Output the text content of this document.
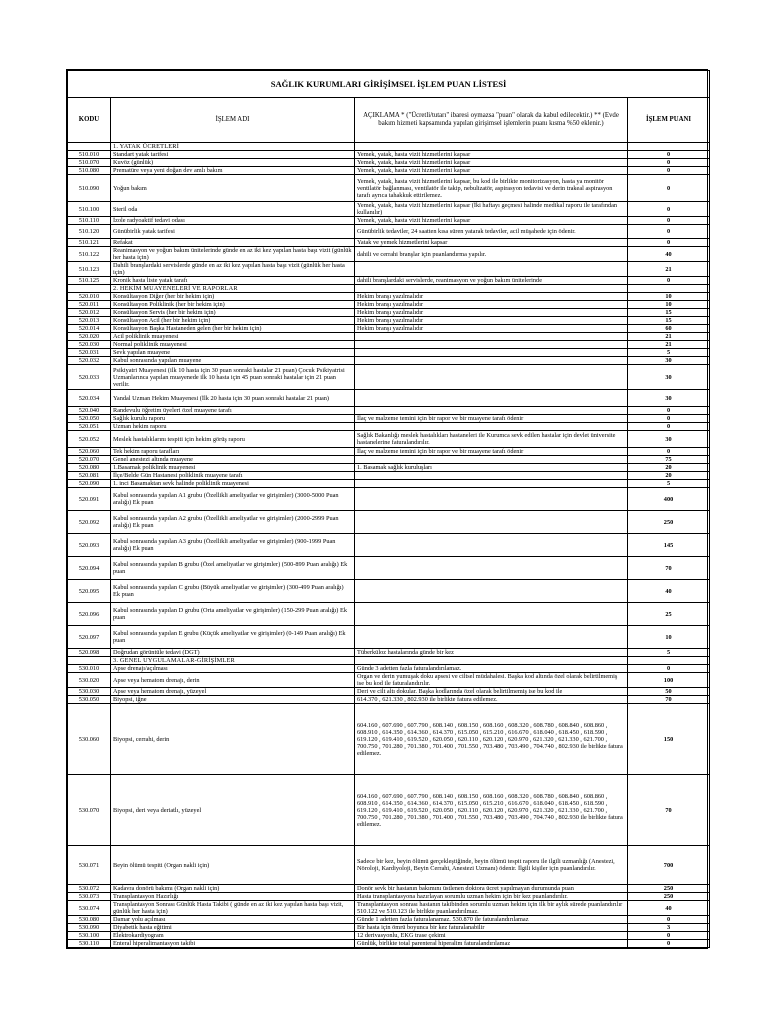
SAĞLIK KURUMLARI GİRİŞİMSEL İŞLEM PUAN LİSTESİ			
KODU	İŞLEM ADI	AÇIKLAMA * ("Ücretli/tutarı" ibaresi oymazsa "puan" olarak da kabul edilecektir.) ** (Evde bakım hizmeti kapsamında yapılan girişimsel işlemlerin puanı kısma %50 eklenir.)	İŞLEM PUANI
	1. YATAK ÜCRETLERİ		
510.010	Standart yatak tarifesi	Yemek, yatak, hasta vizit hizmetlerini kapsar	0
510.070	Kuvöz (günlük)	Yemek, yatak, hasta vizit hizmetlerini kapsar	0
510.080	Prematüre veya yeni doğan dev amlı bakım	Yemek, yatak, hasta vizit hizmetlerini kapsar	0
510.090	Yoğun bakım	Yemek, yatak, hasta vizit hizmetlerini kapsar, bu kod ile birlikte monitorizasyon, hasta ya monitör ventilatör bağlanması, ventilatör ile takip, nebulizatör, aspirasyon tedavisi ve derin trakeal aspirasyon tarafı ayrıca tahakkuk ettirilemez.	0
510.100	Steril oda	Yemek, yatak, hasta vizit hizmetlerini kapsar (İki haftayı geçmesi halinde medikal raporu ile tarafından kullanılır)	0
510.110	İzole radyoaktif tedavi odası	Yemek, yatak, hasta vizit hizmetlerini kapsar	0
510.120	Günübirlik yatak tarifesi	Günübirlik tedaviler, 24 saatten kısa süren yatarak tedaviler, acil müşahede için ödenir.	0
510.121	Refakat	Yatak ve yemek hizmetlerini kapsar	0
510.122	Reanimasyon ve yoğun bakım ünitelerinde günde en az iki kez yapılan hasta başı vizit (günlük her hasta için)	dahili ve cerrahi branşlar için puanlandırma yapılır.	40
510.123	Dahili branşlardaki servislerde günde en az iki kez yapılan hasta başı vizit (günlük her hasta için)		21
510.125	Kronik hasta liste yatak tarafı	dahili branşlardaki servislerde, reanimasyon ve yoğun bakım ünitelerinde	0
	2. HEKİM MUAYENELERİ VE RAPORLAR		
520.010	Konsültasyon Diğer (her bir hekim için)	Hekim branşı yazılmalıdır	10
520.011	Konsültasyon Poliklinik (her bir hekim için)	Hekim branşı yazılmalıdır	10
520.012	Konsültasyon Servis (her bir hekim için)	Hekim branşı yazılmalıdır	15
520.013	Konsültasyon Acil (her bir hekim için)	Hekim branşı yazılmalıdır	15
520.014	Konsültasyon Başka Hastaneden gelen (her bir hekim için)	Hekim branşı yazılmalıdır	60
520.020	Acil poliklinik muayenesi		21
520.030	Normal poliklinik muayenesi		21
520.031	Sevk yapılan muayene		5
520.032	Kabul sonrasında yapılan muayene		30
520.033	Psikiyatri Muayenesi (ilk 10 hasta için 30 puan sonraki hastalar 21 puan) Çocuk Psikiyatrisi Uzmanlarınca yapılan muayenede ilk 10 hasta için 45 puan sonraki hastalar için 21 puan verilir.		30
520.034	Yandal Uzman Hekim Muayenesi (İlk 20 hasta için 30 puan sonraki hastalar 21 puan)		30
520.040	Randevulu öğretim üyeleri özel muayene tarafı		0
520.050	Sağlık kurulu raporu	İlaç ve malzeme temini için bir rapor ve bir muayene tarafı ödenir	0
520.051	Uzman hekim raporu		0
520.052	Meslek hastalıklarını tespiti için hekim görüş raporu	Sağlık Bakanlığı meslek hastalıkları hastaneleri ile Kurumca sevk edilen hastalar için devlet üniversite hastanelerine faturalandırılır.	30
520.060	Tek hekim raporu tarafları	İlaç ve malzeme temini için bir rapor ve bir muayene tarafı ödenir	0
520.070	Genel anestezi altında muayene		75
520.080	1.Basamak poliklinik muayenesi	1. Basamak sağlık kuruluşları	20
520.081	İlçe/Belde Gün Hastanesi poliklinik muayene tarafı		20
520.090	1. inci Basamaktan sevk halinde poliklinik muayenesi		5
520.091	Kabul sonrasında yapılan A1 grubu (Özellikli ameliyatlar ve girişimler) (3000-5000 Puan aralığı) Ek puan		400
520.092	Kabul sonrasında yapılan A2 grubu (Özellikli ameliyatlar ve girişimler) (2000-2999 Puan aralığı) Ek puan		250
520.093	Kabul sonrasında yapılan A3 grubu (Özellikli ameliyatlar ve girişimler) (900-1999 Puan aralığı) Ek puan		145
520.094	Kabul sonrasında yapılan B grubu (Özel ameliyatlar ve girişimler) (500-899 Puan aralığı) Ek puan		70
520.095	Kabul sonrasında yapılan C grubu (Büyük ameliyatlar ve girişimler) (300-499 Puan aralığı) Ek puan		40
520.096	Kabul sonrasında yapılan D grubu (Orta ameliyatlar ve girişimler) (150-299 Puan aralığı) Ek puan		25
520.097	Kabul sonrasında yapılan E grubu (Küçük ameliyatlar ve girişimler) (0-149 Puan aralığı) Ek puan		10
520.098	Doğrudan görüntüle tedavi (DGT)	Tüberküloz hastalarında günde bir kez	5
	3. GENEL UYGULAMALAR-GİRİŞİMLER		
530.010	Apse drenajı/açılması	Günde 3 adetten fazla faturalandırılamaz.	0
530.020	Apse veya hematom drenajı, derin	Organ ve derin yumuşak doku apsesi ve ciltsel müdahalesi. Başka kod altında özel olarak belirtilmemiş ise bu kod ile faturalandırılır.	100
530.030	Apse veya hematom drenajı, yüzeyel	Deri ve cilt altı dokular. Başka kodlarında özel olarak belirtilmemiş ise bu kod ile	50
530.050	Biyopsi, iğne	614.370 , 621.330 , 802.930 ile birlikte fatura edilemez.	70
530.060	Biyopsi, cerrahi, derin	604.160 , 607.690 , 607.790 , 608.140 , 608.150 , 608.160 , 608.320 , 608.780 , 608.840 , 608.860 , 608.910 , 614.350 , 614.360 , 614.370 , 615.050 , 615.210 , 616.670 , 618.040 , 618.450 , 618.590 , 619.120 , 619.410 , 619.520 , 620.050 , 620.110 , 620.120 , 620.970 , 621.320 , 621.330 , 621.700 , 700.750 , 701.280 , 701.380 , 701.400 , 701.550 , 703.480 , 703.490 , 704.740 , 802.930 ile birlikte fatura edilemez.	150
530.070	Biyopsi, deri veya deriatlı, yüzeyel	604.160 , 607.690 , 607.790 , 608.140 , 608.150 , 608.160 , 608.320 , 608.780 , 608.840 , 608.860 , 608.910 , 614.350 , 614.360 , 614.370 , 615.050 , 615.210 , 616.670 , 618.040 , 618.450 , 618.590 , 619.120 , 619.410 , 619.520 , 620.050 , 620.110 , 620.120 , 620.970 , 621.320 , 621.330 , 621.700 , 700.750 , 701.280 , 701.380 , 701.400 , 701.550 , 703.480 , 703.490 , 704.740 , 802.930 ile birlikte fatura edilemez.	70
530.071	Beyin ölümü tespiti (Organ nakli için)	Sadece bir kez, beyin ölümü gerçekleştiğinde, beyin ölümü tespit raporu ile ilgili uzmanlığı (Anestezi, Nöroloji, Kardiyoloji, Beyin Cerrahi, Anestezi Uzmanı) ödenir. İlgili kişiler için puanlandırılır.	700
530.072	Kadavra donörü bakımı (Organ nakli için)	Donör sevk bir hastanın bakımını üstlenen doktora ücret yapılmayan durumunda puan	250
530.073	Transplantasyon Hazırlığı	Hasta transplantasyona hazırlayan sorumlu uzman hekim için bir kez puanlandırılır.	250
530.074	Transplantasyon Sonrası Günlük Hasta Takibi ( günde en az iki kez yapılan hasta başı vizit, günlük her hasta için)	Transplantasyon sonrası hastanın takibinden sorumlu uzman hekim için ilk bir aylık sürede puanlandırılır 510.122 ve 510.123 ile birlikte puanlandırılmaz.	40
530.080	Damar yolu açılması	Günde 1 adetten fazla faturalanamaz. 530.870 ile faturalandırılamaz	0
530.090	Diyabetik hasta eğitimi	Bir hasta için ömrü boyunca bir kez faturalanabilir	3
530.100	Elektrokardiyogram	12 derivasyonlu, EKG trase çekimi	0
530.110	Enteral hiperalimantasyon takibi	Günlük, birlikte total parenteral hiperalim faturalandırılamaz	0
